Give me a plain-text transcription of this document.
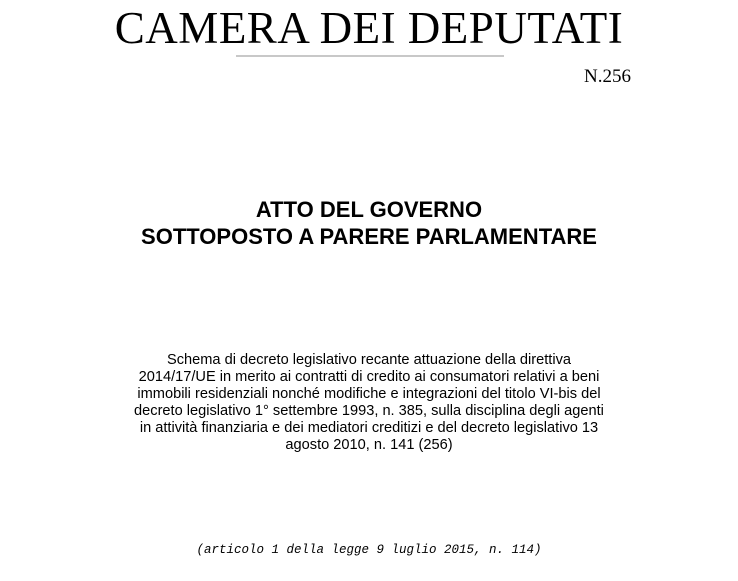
CAMERA DEI DEPUTATI
N.256
ATTO DEL GOVERNO
SOTTOPOSTO A PARERE PARLAMENTARE
Schema di decreto legislativo recante attuazione della direttiva
2014/17/UE in merito ai contratti di credito ai consumatori relativi a beni
immobili residenziali nonché modifiche e integrazioni del titolo VI-bis del
decreto legislativo 1° settembre 1993, n. 385, sulla disciplina degli agenti
in attività finanziaria e dei mediatori creditizi e del decreto legislativo 13
agosto 2010, n. 141 (256)
(articolo 1 della legge 9 luglio 2015, n. 114)
